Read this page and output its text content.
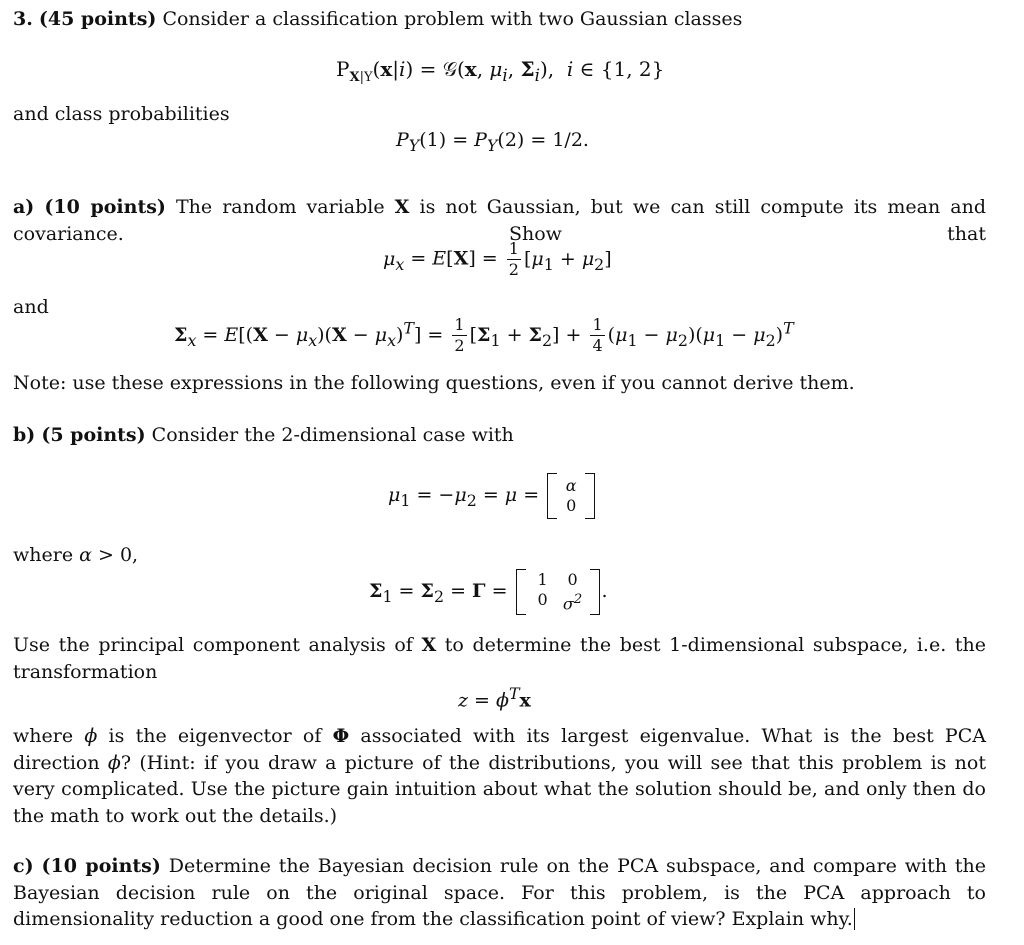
3. (45 points) Consider a classification problem with two Gaussian classes
$P_{X|Y}(x|i)$ = 𝒢(x, $\mu_i$, $\Sigma_i$),  i ∈ {1, 2}
and class probabilities
$P_Y(1) = P_Y(2) = 1/2$.
a) (10 points) The random variable X is not Gaussian, but we can still compute its mean and covariance. Show that
$\mu_x = E[X] = \frac{1}{2} [\mu_1 + \mu_2]$
and
$\Sigma_x = E[(X - \mu_x)(X - \mu_x)^T] = \frac{1}{2} [\Sigma_1 + \Sigma_2] + \frac{1}{4} (\mu_1 - \mu_2)(\mu_1 - \mu_2)^T$
Note: use these expressions in the following questions, even if you cannot derive them.
b) (5 points) Consider the 2-dimensional case with
$\mu_1 = -\mu_2 = \mu$ =	α
0
where α > 0,
$\Sigma_1 = \Sigma_2 = \Gamma$ =
1	0
0 $\sigma^2$ .
Use the principal component analysis of X to determine the best 1-dimensional subspace, i.e. the transformation
$z = \phi^Tx$
where ϕ is the eigenvector of Φ associated with its largest eigenvalue. What is the best PCA direction ϕ? (Hint: if you draw a picture of the distributions, you will see that this problem is not very complicated. Use the picture gain intuition about what the solution should be, and only then do the math to work out the details.)
c) (10 points) Determine the Bayesian decision rule on the PCA subspace, and compare with the Bayesian decision rule on the original space. For this problem, is the PCA approach to dimensionality reduction a good one from the classification point of view? Explain why.
